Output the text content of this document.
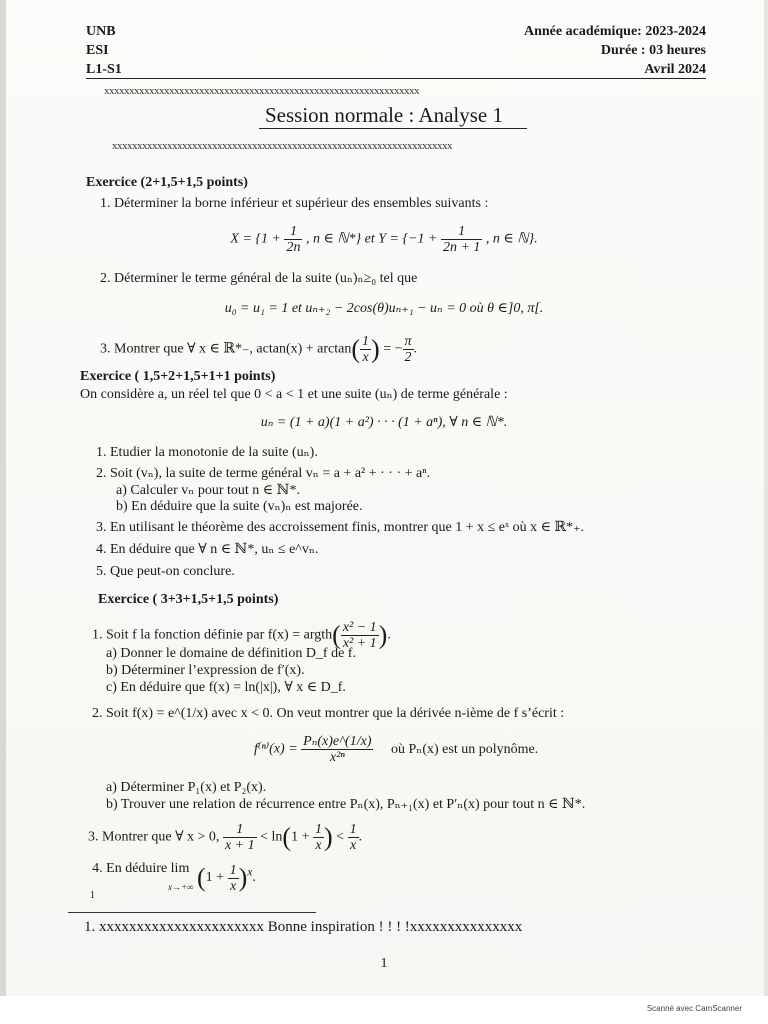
UNB
ESI
L1-S1
Année académique: 2023-2024
Durée : 03 heures
Avril 2024
xxxxxxxxxxxxxxxxxxxxxxxxxxxxxxxxxxxxxxxxxxxxxxxxxxxxxxxxxxxxxxx
Session normale : Analyse 1
xxxxxxxxxxxxxxxxxxxxxxxxxxxxxxxxxxxxxxxxxxxxxxxxxxxxxxxxxxxxxxxxxxxx
Exercice (2+1,5+1,5 points)
1. Déterminer la borne inférieur et supérieur des ensembles suivants :
$X = \{1 + \frac{1}{2n}$ , n ∈ ℕ*} et $Y = \{-1 + \frac{1}{2n + 1}$ , n ∈ ℕ}.
2. Déterminer le terme général de la suite (uₙ)ₙ≥₀ tel que
u₀ = u₁ = 1 et uₙ₊₂ − 2cos(θ)uₙ₊₁ − uₙ = 0 où θ ∈]0, π[.
3. Montrer que ∀ x ∈ ℝ*₋, $actan(x) + \arctan( \frac{1}{x}$ ) = − $\frac{\pi}{2}$ .
Exercice ( 1,5+2+1,5+1+1 points)
On considère a, un réel tel que 0 < a < 1 et une suite (uₙ) de terme générale :
uₙ = (1 + a)(1 + a²) · · · (1 + aⁿ), ∀ n ∈ ℕ*.
1. Etudier la monotonie de la suite (uₙ).
2. Soit (vₙ), la suite de terme général vₙ = a + a² + · · · + aⁿ.
a) Calculer vₙ pour tout n ∈ ℕ*.
b) En déduire que la suite (vₙ)ₙ est majorée.
3. En utilisant le théorème des accroissement finis, montrer que 1 + x ≤ eˣ où x ∈ ℝ*₊.
4. En déduire que ∀ n ∈ ℕ*, uₙ ≤ e^vₙ.
5. Que peut-on conclure.
Exercice ( 3+3+1,5+1,5 points)
1. Soit f la fonction définie par f(x) = argth( $\frac{\text{x² − 1}}{\text{x² + 1}}$ ).
a) Donner le domaine de définition D_f de f.
b) Déterminer l’expression de f′(x).
c) En déduire que f(x) = ln(|x|), ∀ x ∈ D_f.
2. Soit f(x) = e^(1/x) avec x < 0. On veut montrer que la dérivée n-ième de f s’écrit :
$f^{(n)}(x) = \frac{\text{Pₙ(x)e\textasciicircum{}(1/x)}}{\text{x²ⁿ}}$ où Pₙ(x) est un polynôme.
a) Déterminer P₁(x) et P₂(x).
b) Trouver une relation de récurrence entre Pₙ(x), Pₙ₊₁(x) et P′ₙ(x) pour tout n ∈ ℕ*.
3. Montrer que ∀ x > 0, $\frac{1}{x + 1} < \ln(1 + \frac{1}{x}$ ) < $\frac{1}{x}$ .
4. En déduire lim
x→+∞ $(1 + \frac{1}{x} )^x$.
1
1. xxxxxxxxxxxxxxxxxxxxxx Bonne inspiration ! ! ! !xxxxxxxxxxxxxxx
1
Scanné avec CamScanner
